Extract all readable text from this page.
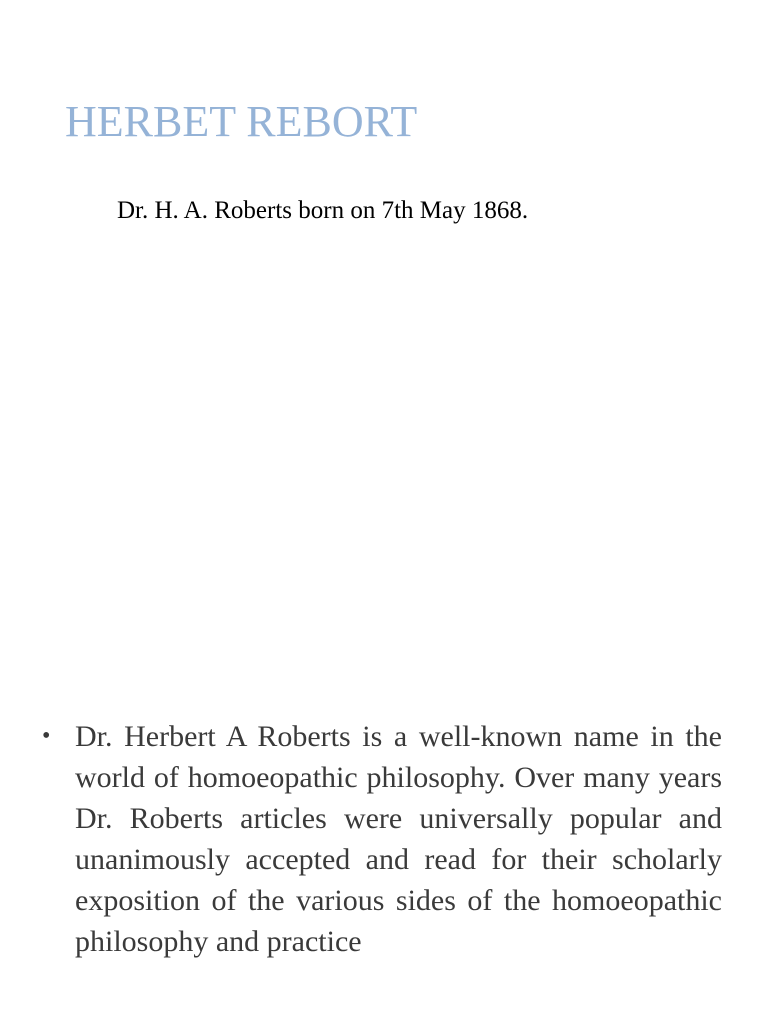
HERBET REBORT

Dr. H. A. Roberts born on 7th May 1868.

• Dr. Herbert A Roberts is a well-known name in the world of homoeopathic philosophy. Over many years Dr. Roberts articles were universally popular and unanimously accepted and read for their scholarly exposition of the various sides of the homoeopathic philosophy and practice
